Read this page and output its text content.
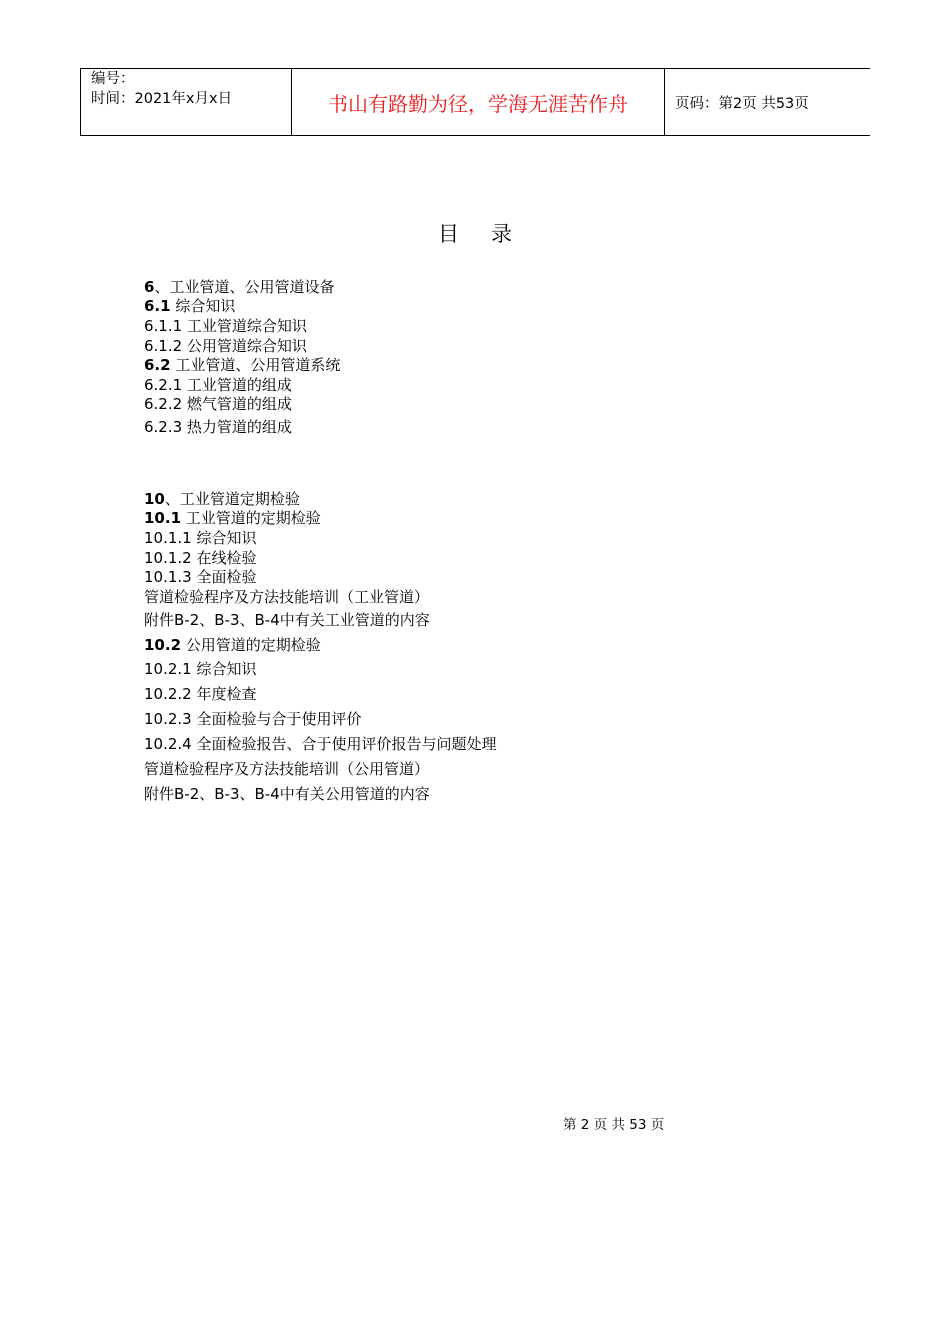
编号：
时间：2021年x月x日	书山有路勤为径，学海无涯苦作舟	页码：第2页 共53页
目录
6、工业管道、公用管道设备
6.1 综合知识
6.1.1 工业管道综合知识
6.1.2 公用管道综合知识
6.2 工业管道、公用管道系统
6.2.1 工业管道的组成
6.2.2 燃气管道的组成
6.2.3 热力管道的组成
10、工业管道定期检验
10.1 工业管道的定期检验
10.1.1 综合知识
10.1.2 在线检验
10.1.3 全面检验
管道检验程序及方法技能培训（工业管道）
附件B-2、B-3、B-4中有关工业管道的内容
10.2 公用管道的定期检验
10.2.1 综合知识
10.2.2 年度检查
10.2.3 全面检验与合于使用评价
10.2.4 全面检验报告、合于使用评价报告与问题处理
管道检验程序及方法技能培训（公用管道）
附件B-2、B-3、B-4中有关公用管道的内容
第 2 页 共 53 页
